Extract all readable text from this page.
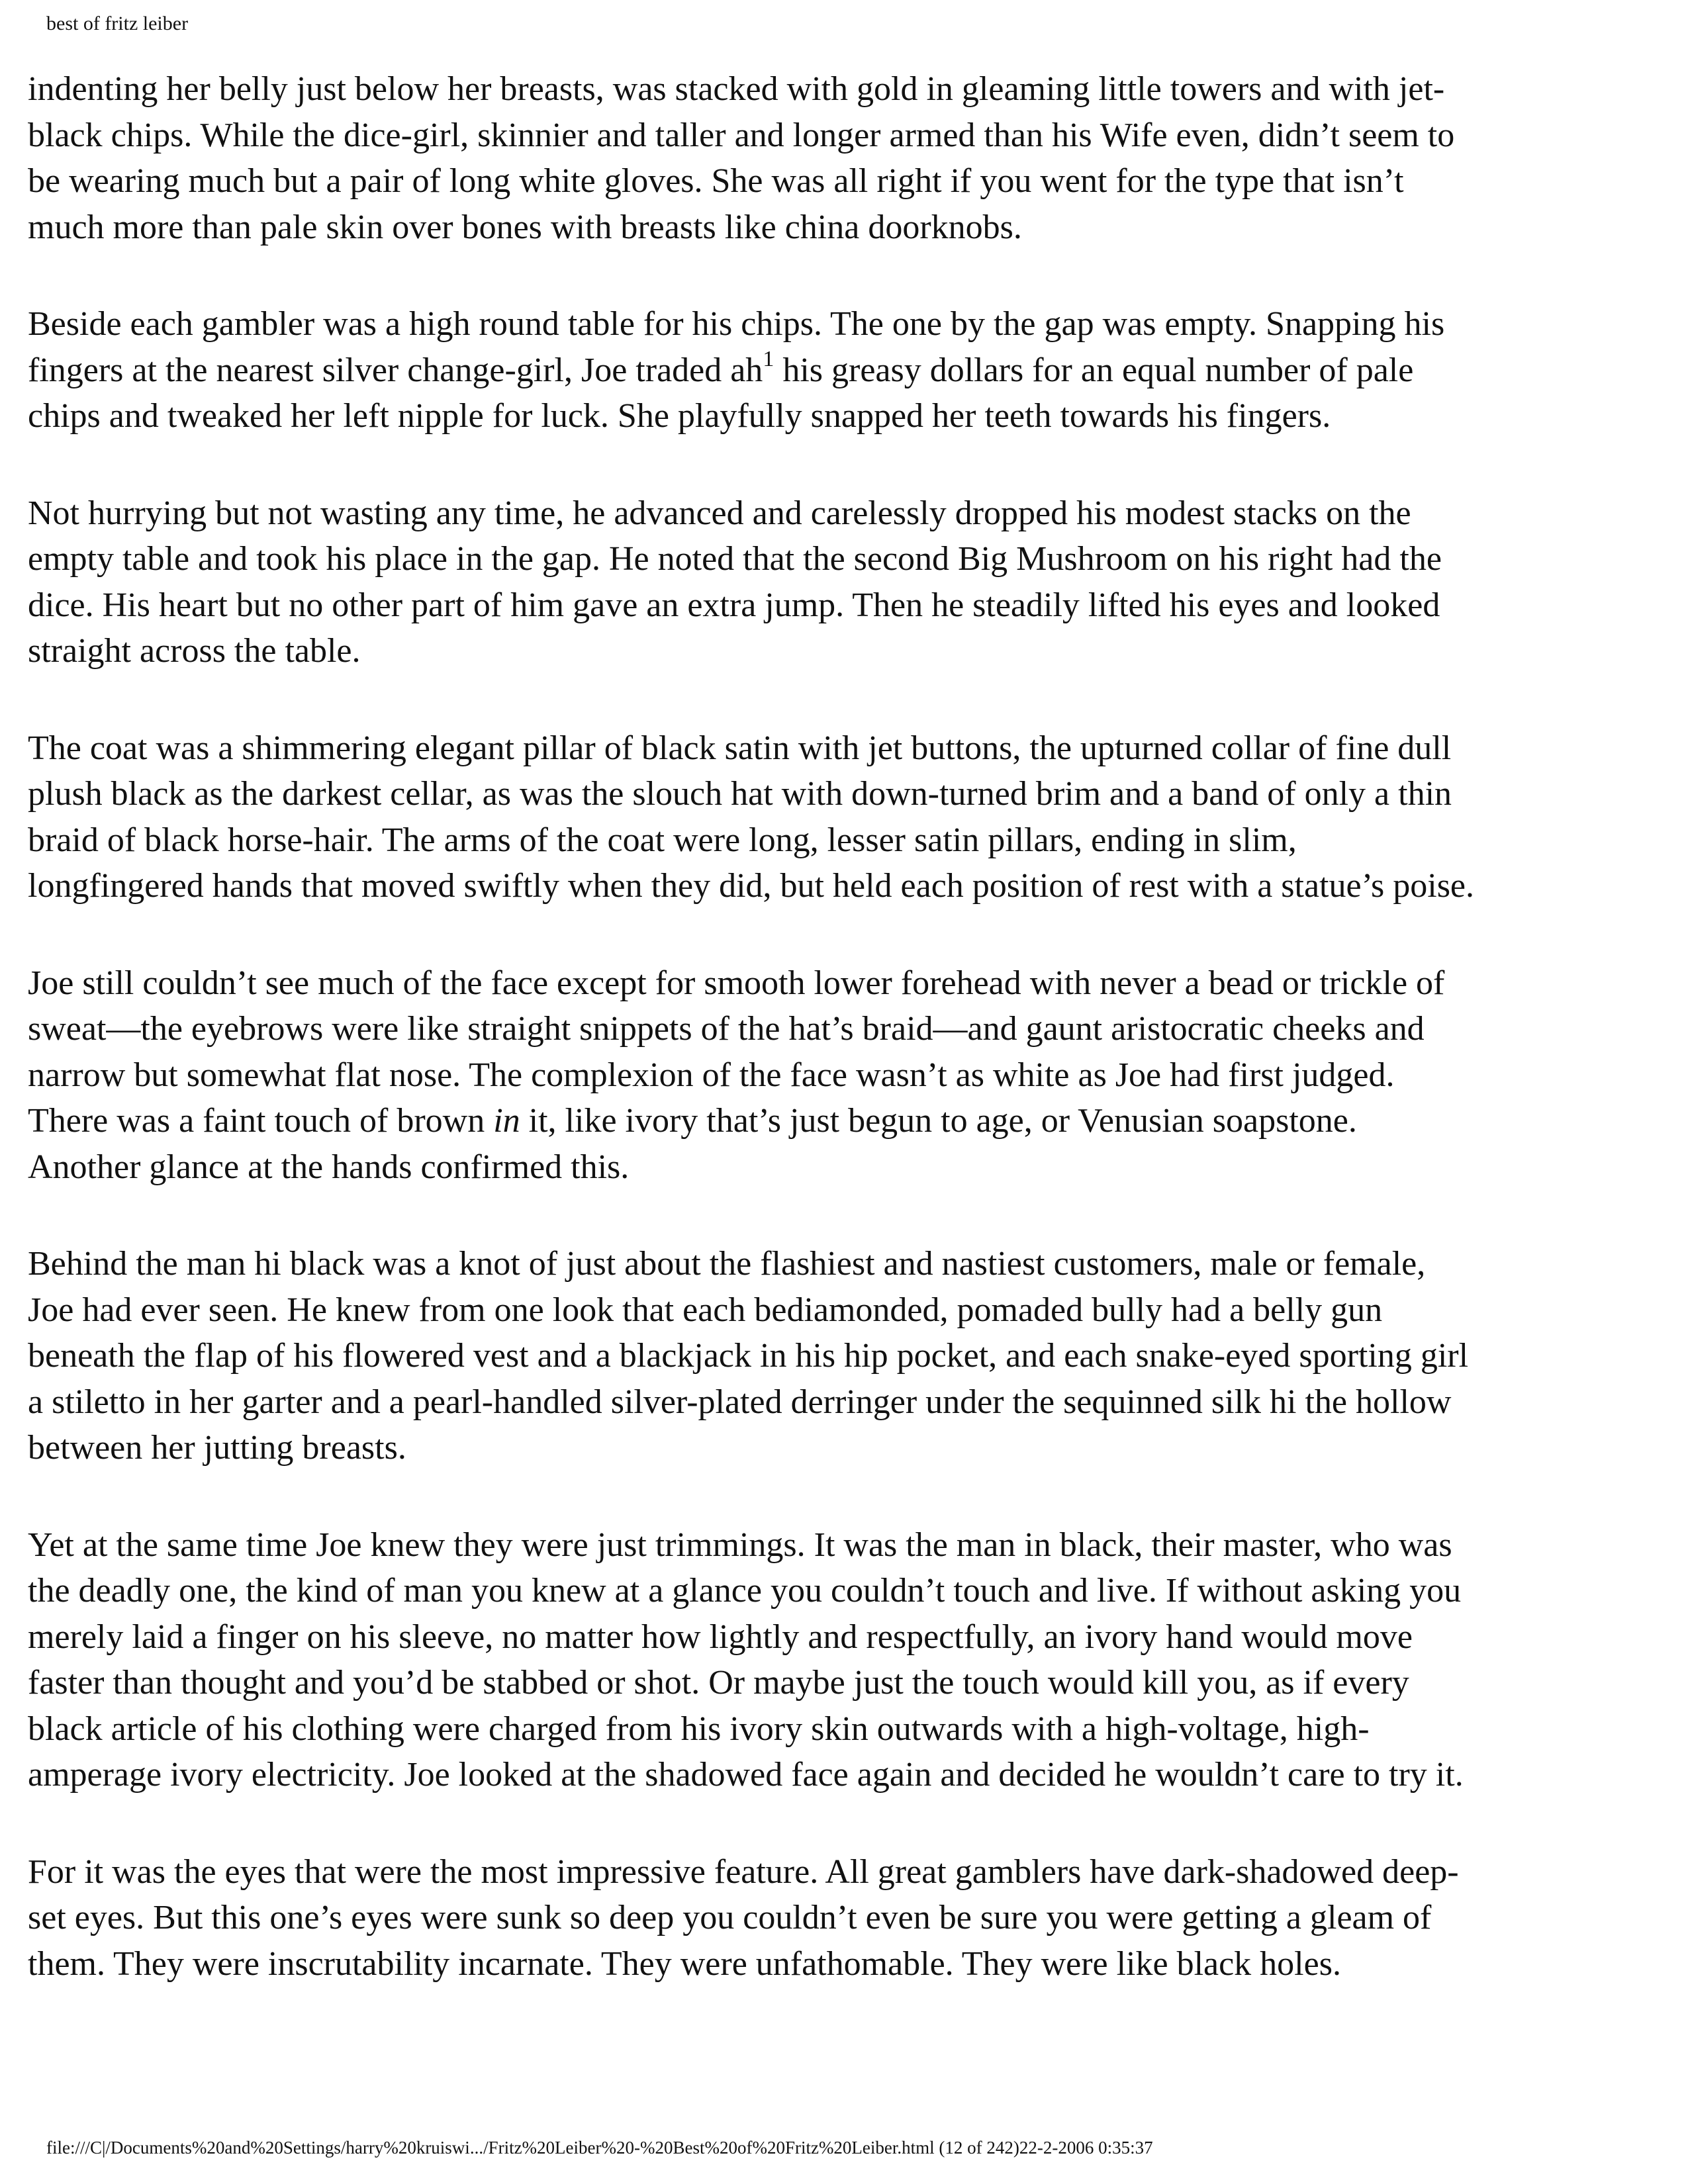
best of fritz leiber

indenting her belly just below her breasts, was stacked with gold in gleaming little towers and with jet-
black chips. While the dice-girl, skinnier and taller and longer armed than his Wife even, didn’t seem to
be wearing much but a pair of long white gloves. She was all right if you went for the type that isn’t
much more than pale skin over bones with breasts like china doorknobs.

Beside each gambler was a high round table for his chips. The one by the gap was empty. Snapping his
fingers at the nearest silver change-girl, Joe traded $ah^1$ his greasy dollars for an equal number of pale
chips and tweaked her left nipple for luck. She playfully snapped her teeth towards his fingers.

Not hurrying but not wasting any time, he advanced and carelessly dropped his modest stacks on the
empty table and took his place in the gap. He noted that the second Big Mushroom on his right had the
dice. His heart but no other part of him gave an extra jump. Then he steadily lifted his eyes and looked
straight across the table.

The coat was a shimmering elegant pillar of black satin with jet buttons, the upturned collar of fine dull
plush black as the darkest cellar, as was the slouch hat with down-turned brim and a band of only a thin
braid of black horse-hair. The arms of the coat were long, lesser satin pillars, ending in slim,
longfingered hands that moved swiftly when they did, but held each position of rest with a statue’s poise.

Joe still couldn’t see much of the face except for smooth lower forehead with never a bead or trickle of
sweat—the eyebrows were like straight snippets of the hat’s braid—and gaunt aristocratic cheeks and
narrow but somewhat flat nose. The complexion of the face wasn’t as white as Joe had first judged.
There was a faint touch of brown in it, like ivory that’s just begun to age, or Venusian soapstone.
Another glance at the hands confirmed this.

Behind the man hi black was a knot of just about the flashiest and nastiest customers, male or female,
Joe had ever seen. He knew from one look that each bediamonded, pomaded bully had a belly gun
beneath the flap of his flowered vest and a blackjack in his hip pocket, and each snake-eyed sporting girl
a stiletto in her garter and a pearl-handled silver-plated derringer under the sequinned silk hi the hollow
between her jutting breasts.

Yet at the same time Joe knew they were just trimmings. It was the man in black, their master, who was
the deadly one, the kind of man you knew at a glance you couldn’t touch and live. If without asking you
merely laid a finger on his sleeve, no matter how lightly and respectfully, an ivory hand would move
faster than thought and you’d be stabbed or shot. Or maybe just the touch would kill you, as if every
black article of his clothing were charged from his ivory skin outwards with a high-voltage, high-
amperage ivory electricity. Joe looked at the shadowed face again and decided he wouldn’t care to try it.

For it was the eyes that were the most impressive feature. All great gamblers have dark-shadowed deep-
set eyes. But this one’s eyes were sunk so deep you couldn’t even be sure you were getting a gleam of
them. They were inscrutability incarnate. They were unfathomable. They were like black holes.

file:///C|/Documents%20and%20Settings/harry%20kruiswi.../Fritz%20Leiber%20-%20Best%20of%20Fritz%20Leiber.html (12 of 242)22-2-2006 0:35:37
